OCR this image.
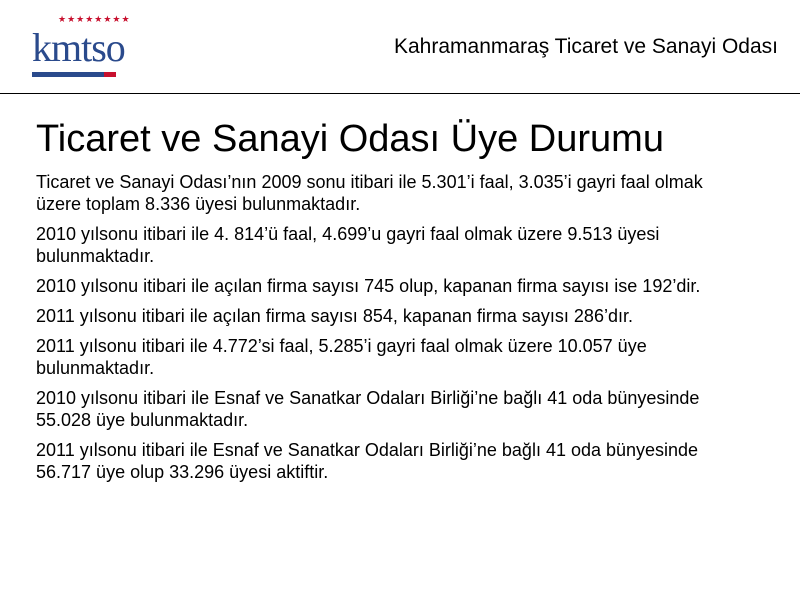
★★★★★★★★
kmtso	Kahramanmaraş Ticaret ve Sanayi Odası
Ticaret ve Sanayi Odası Üye Durumu

Ticaret ve Sanayi Odası’nın 2009 sonu itibari ile 5.301’i faal, 3.035’i gayri faal olmak üzere toplam 8.336 üyesi bulunmaktadır.

2010 yılsonu itibari ile 4. 814’ü faal, 4.699’u gayri faal olmak üzere 9.513 üyesi bulunmaktadır.

2010 yılsonu itibari ile açılan firma sayısı 745 olup, kapanan firma sayısı ise 192’dir.

2011 yılsonu itibari ile açılan firma sayısı 854, kapanan firma sayısı 286’dır.

2011 yılsonu itibari ile 4.772’si faal, 5.285’i gayri faal olmak üzere 10.057 üye bulunmaktadır.

2010 yılsonu itibari ile Esnaf ve Sanatkar Odaları Birliği’ne bağlı 41 oda bünyesinde 55.028 üye bulunmaktadır.

2011 yılsonu itibari ile Esnaf ve Sanatkar Odaları Birliği’ne bağlı 41 oda bünyesinde 56.717 üye olup 33.296 üyesi aktiftir.
